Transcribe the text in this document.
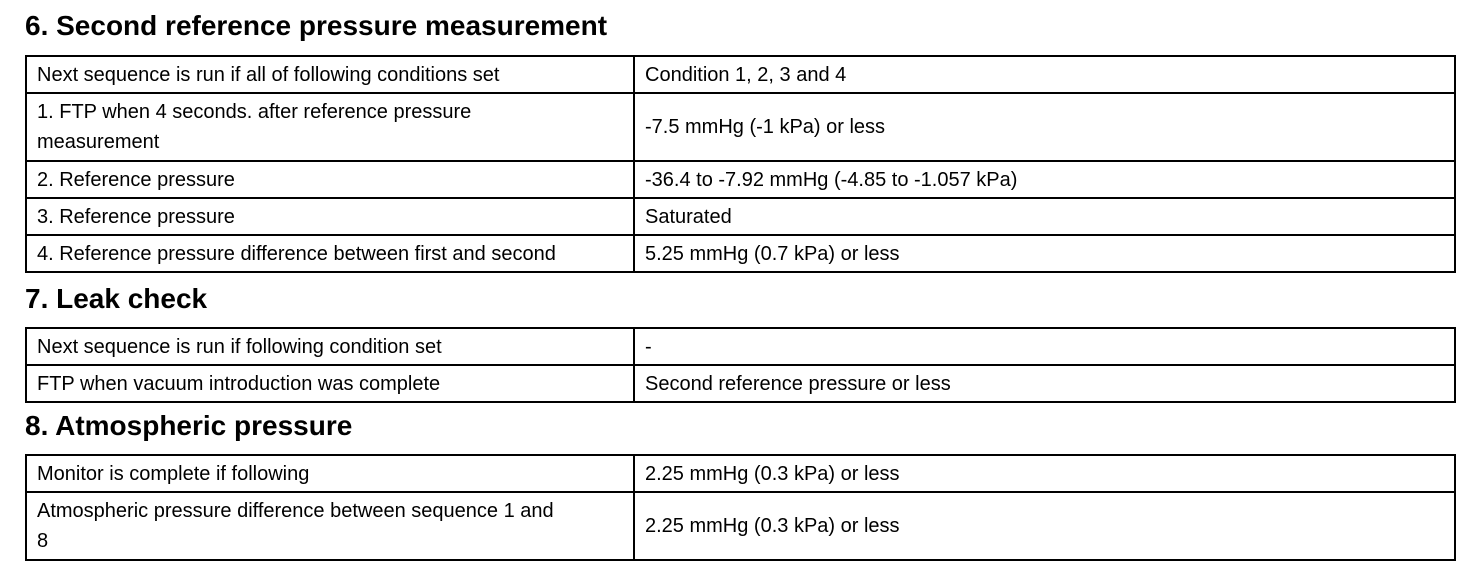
6. Second reference pressure measurement
Next sequence is run if all of following conditions set	Condition 1, 2, 3 and 4

1. FTP when 4 seconds. after reference pressure measurement	-7.5 mmHg (-1 kPa) or less
2. Reference pressure	-36.4 to -7.92 mmHg (-4.85 to -1.057 kPa)
3. Reference pressure	Saturated
4. Reference pressure difference between first and second	5.25 mmHg (0.7 kPa) or less
7. Leak check
Next sequence is run if following condition set	-
FTP when vacuum introduction was complete	Second reference pressure or less
8. Atmospheric pressure
Monitor is complete if following	2.25 mmHg (0.3 kPa) or less

Atmospheric pressure difference between sequence 1 and 8	2.25 mmHg (0.3 kPa) or less
